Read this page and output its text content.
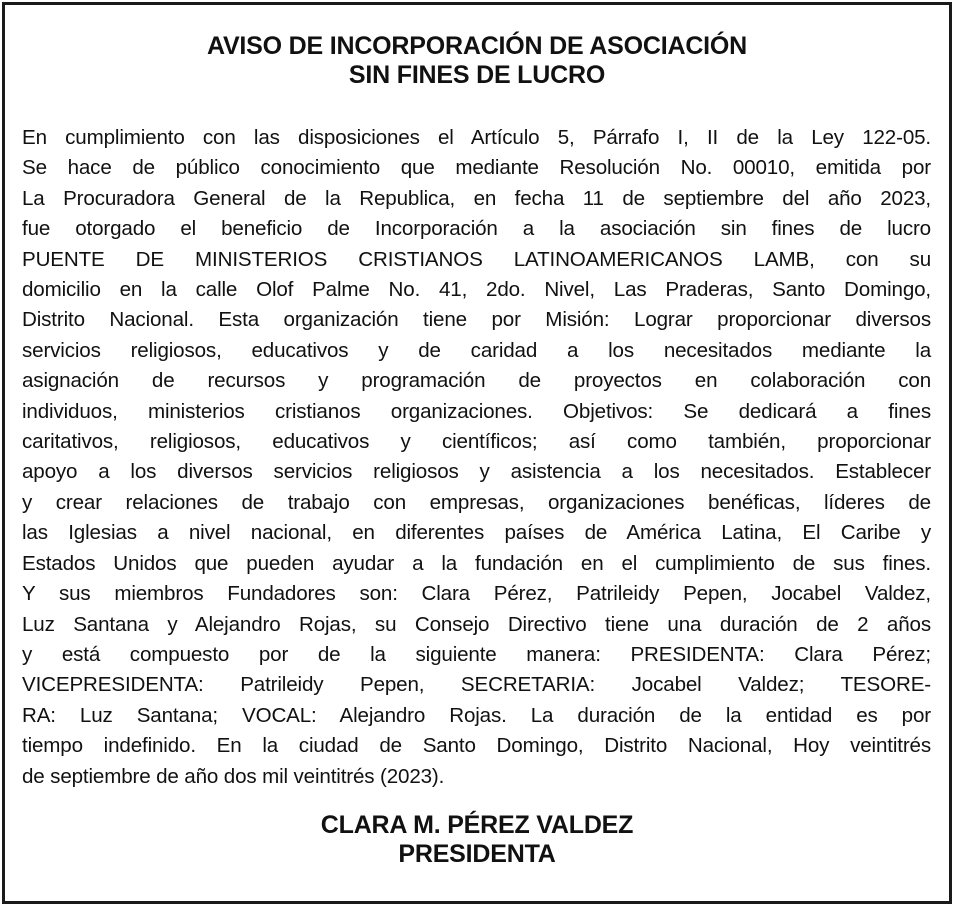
AVISO DE INCORPORACIÓN DE ASOCIACIÓN
SIN FINES DE LUCRO
En cumplimiento con las disposiciones el Artículo 5, Párrafo I, II de la Ley 122-05.
Se hace de público conocimiento que mediante Resolución No. 00010, emitida por
La Procuradora General de la Republica, en fecha 11 de septiembre del año 2023,
fue otorgado el beneficio de Incorporación a la asociación sin fines de lucro
PUENTE DE MINISTERIOS CRISTIANOS LATINOAMERICANOS LAMB, con su
domicilio en la calle Olof Palme No. 41, 2do. Nivel, Las Praderas, Santo Domingo,
Distrito Nacional. Esta organización tiene por Misión: Lograr proporcionar diversos
servicios religiosos, educativos y de caridad a los necesitados mediante la
asignación de recursos y programación de proyectos en colaboración con
individuos, ministerios cristianos organizaciones. Objetivos: Se dedicará a fines
caritativos, religiosos, educativos y científicos; así como también, proporcionar
apoyo a los diversos servicios religiosos y asistencia a los necesitados. Establecer
y crear relaciones de trabajo con empresas, organizaciones benéficas, líderes de
las Iglesias a nivel nacional, en diferentes países de América Latina, El Caribe y
Estados Unidos que pueden ayudar a la fundación en el cumplimiento de sus fines.
Y sus miembros Fundadores son: Clara Pérez, Patrileidy Pepen, Jocabel Valdez,
Luz Santana y Alejandro Rojas, su Consejo Directivo tiene una duración de 2 años
y está compuesto por de la siguiente manera: PRESIDENTA: Clara Pérez;
VICEPRESIDENTA: Patrileidy Pepen, SECRETARIA: Jocabel Valdez; TESORE-
RA: Luz Santana; VOCAL: Alejandro Rojas. La duración de la entidad es por
tiempo indefinido. En la ciudad de Santo Domingo, Distrito Nacional, Hoy veintitrés
de septiembre de año dos mil veintitrés (2023).
CLARA M. PÉREZ VALDEZ
PRESIDENTA
